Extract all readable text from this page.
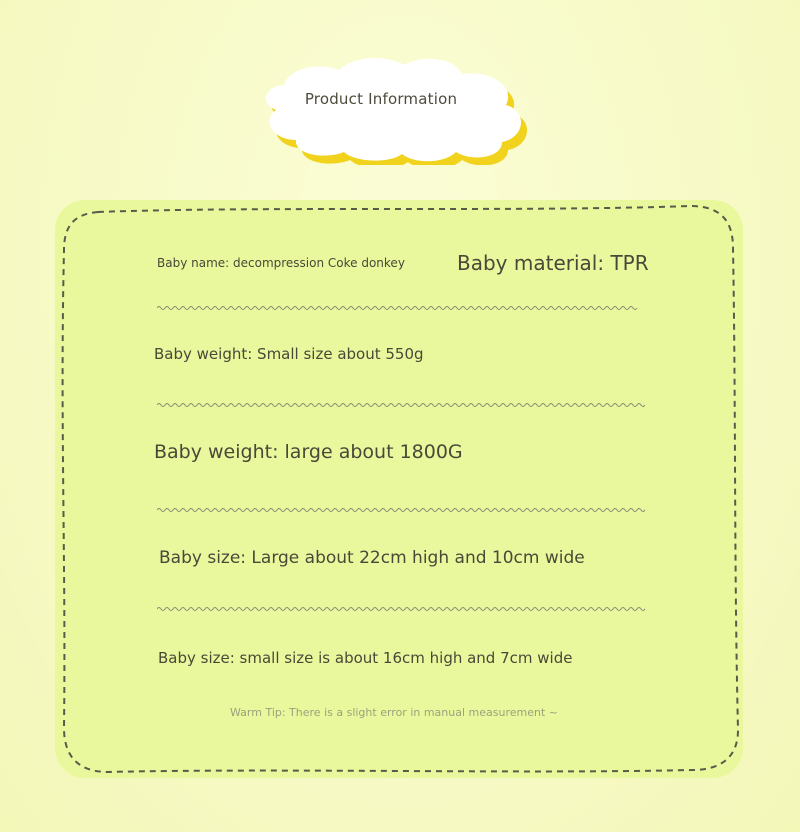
Product Information

Baby name: decompression Coke donkey	Baby material: TPR

Baby weight: Small size about 550g

Baby weight: large about 1800G

Baby size: Large about 22cm high and 10cm wide

Baby size: small size is about 16cm high and 7cm wide

Warm Tip: There is a slight error in manual measurement ~
